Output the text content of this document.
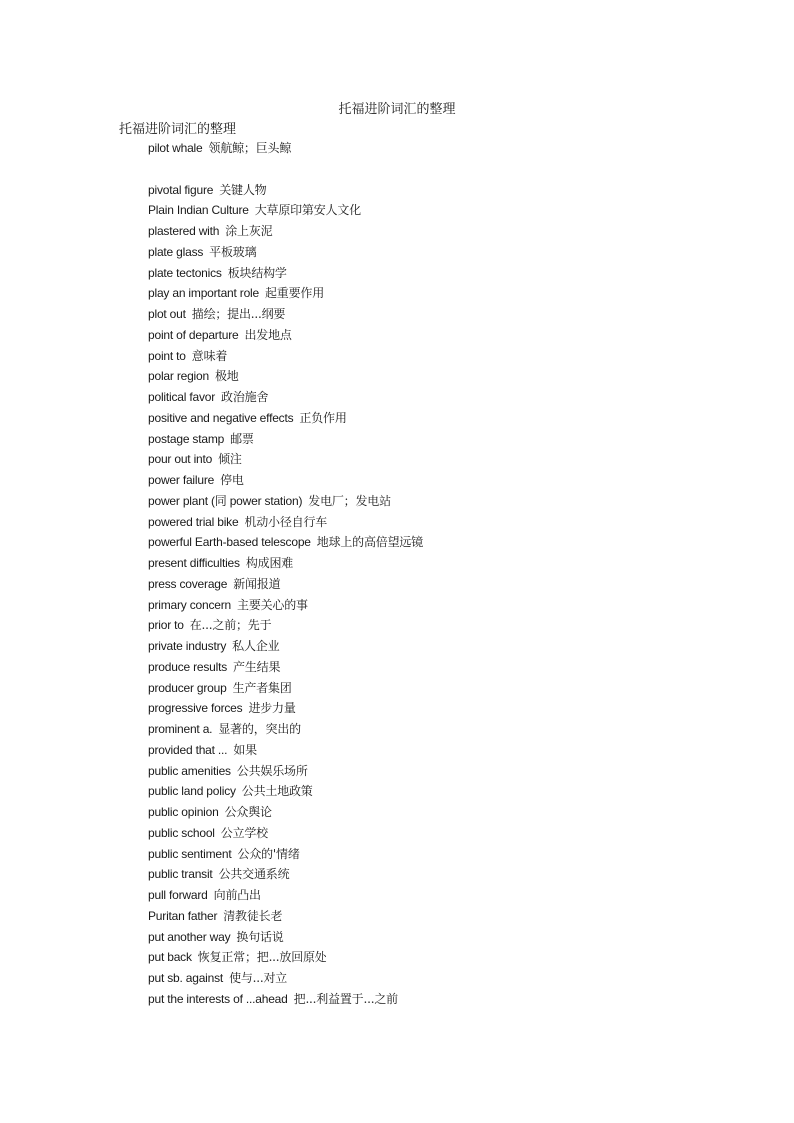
托福进阶词汇的整理
托福进阶词汇的整理
pilot whale 领航鲸；巨头鲸
pivotal figure 关键人物
Plain Indian Culture 大草原印第安人文化
plastered with 涂上灰泥
plate glass 平板玻璃
plate tectonics 板块结构学
play an important role 起重要作用
plot out 描绘；提出...纲要
point of departure 出发地点
point to 意味着
polar region 极地
political favor 政治施舍
positive and negative effects 正负作用
postage stamp 邮票
pour out into 倾注
power failure 停电
power plant (同 power station) 发电厂；发电站
powered trial bike 机动小径自行车
powerful Earth-based telescope 地球上的高倍望远镜
present difficulties 构成困难
press coverage 新闻报道
primary concern 主要关心的事
prior to 在...之前；先于
private industry 私人企业
produce results 产生结果
producer group 生产者集团
progressive forces 进步力量
prominent a. 显著的，突出的
provided that ... 如果
public amenities 公共娱乐场所
public land policy 公共土地政策
public opinion 公众舆论
public school 公立学校
public sentiment 公众的'情绪
public transit 公共交通系统
pull forward 向前凸出
Puritan father 清教徒长老
put another way 换句话说
put back 恢复正常；把...放回原处
put sb. against 使与...对立
put the interests of ...ahead 把...利益置于...之前
